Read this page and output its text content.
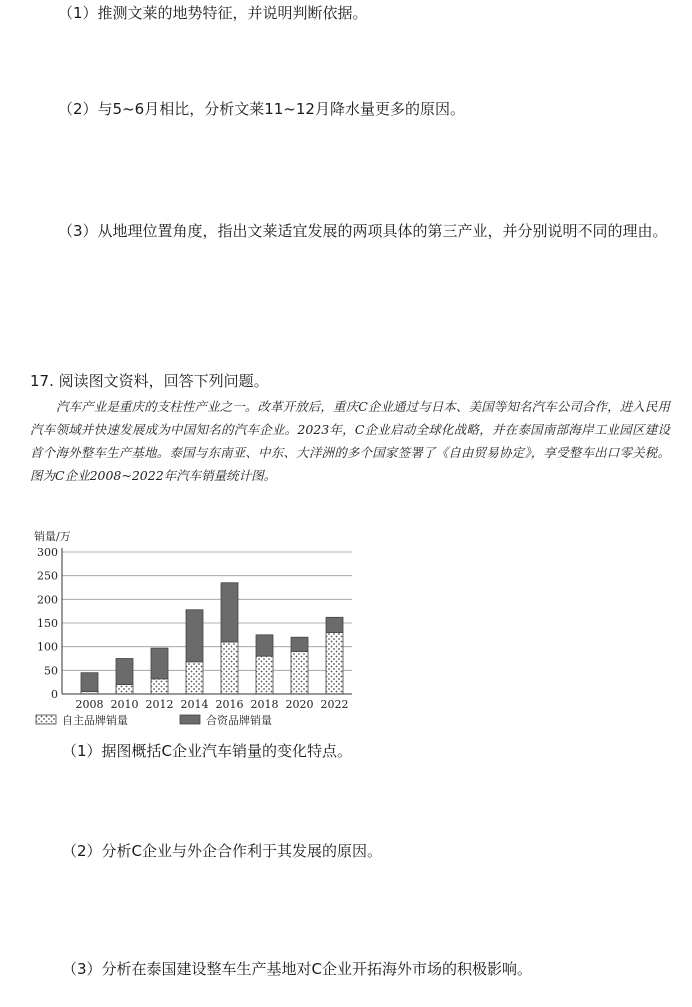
（1）推测文莱的地势特征，并说明判断依据。
（2）与5~6月相比，分析文莱11~12月降水量更多的原因。
（3）从地理位置角度，指出文莱适宜发展的两项具体的第三产业，并分别说明不同的理由。
17. 阅读图文资料，回答下列问题。
汽车产业是重庆的支柱性产业之一。改革开放后，重庆C企业通过与日本、美国等知名汽车公司合作，进入民用汽车领域并快速发展成为中国知名的汽车企业。2023年，C企业启动全球化战略，并在泰国南部海岸工业园区建设首个海外整车生产基地。泰国与东南亚、中东、大洋洲的多个国家签署了《自由贸易协定》，享受整车出口零关税。图为C企业2008~2022年汽车销量统计图。
销量/万
0
50
100
150
200
250
300
2008 2010 2012 2014 2016 2018 2020 2022
自主品牌销量	合资品牌销量
（1）据图概括C企业汽车销量的变化特点。
（2）分析C企业与外企合作利于其发展的原因。
（3）分析在泰国建设整车生产基地对C企业开拓海外市场的积极影响。
